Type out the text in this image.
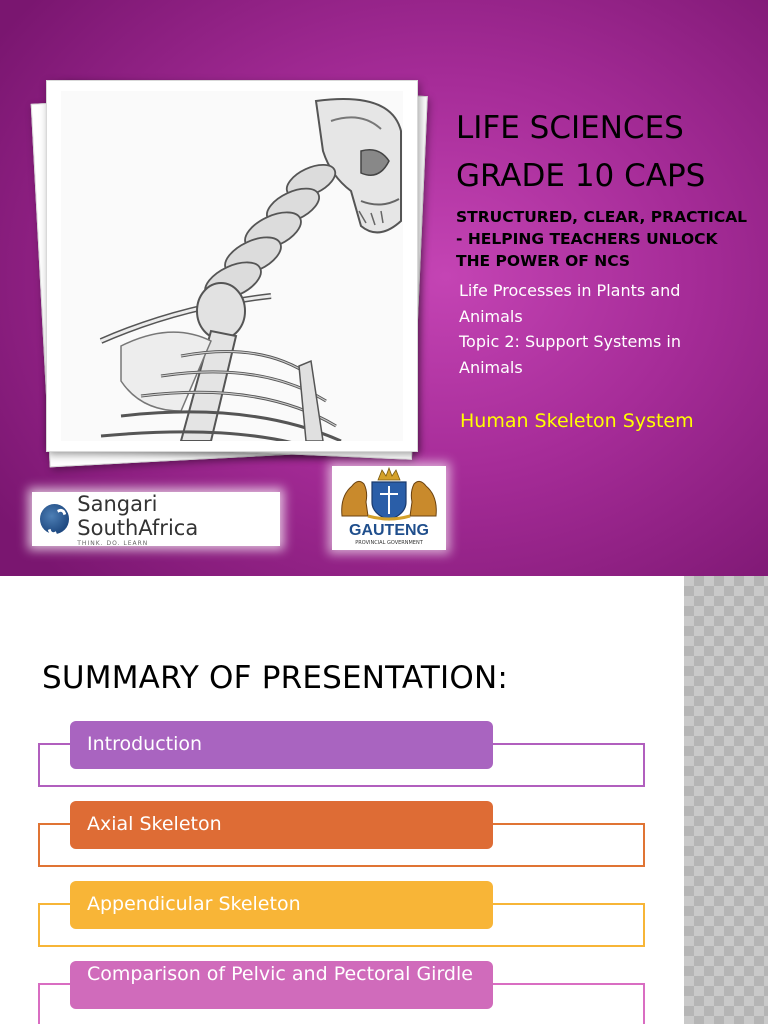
LIFE SCIENCES
GRADE 10 CAPS
STRUCTURED, CLEAR, PRACTICAL - HELPING TEACHERS UNLOCK THE POWER OF NCS
Life Processes in Plants and Animals
Topic 2: Support Systems in Animals
Human Skeleton System
Sangari SouthAfrica
THINK. DO. LEARN
GAUTENG
PROVINCIAL GOVERNMENT
SUMMARY OF PRESENTATION:
Introduction
Axial Skeleton
Appendicular Skeleton
Comparison of Pelvic and Pectoral Girdle
